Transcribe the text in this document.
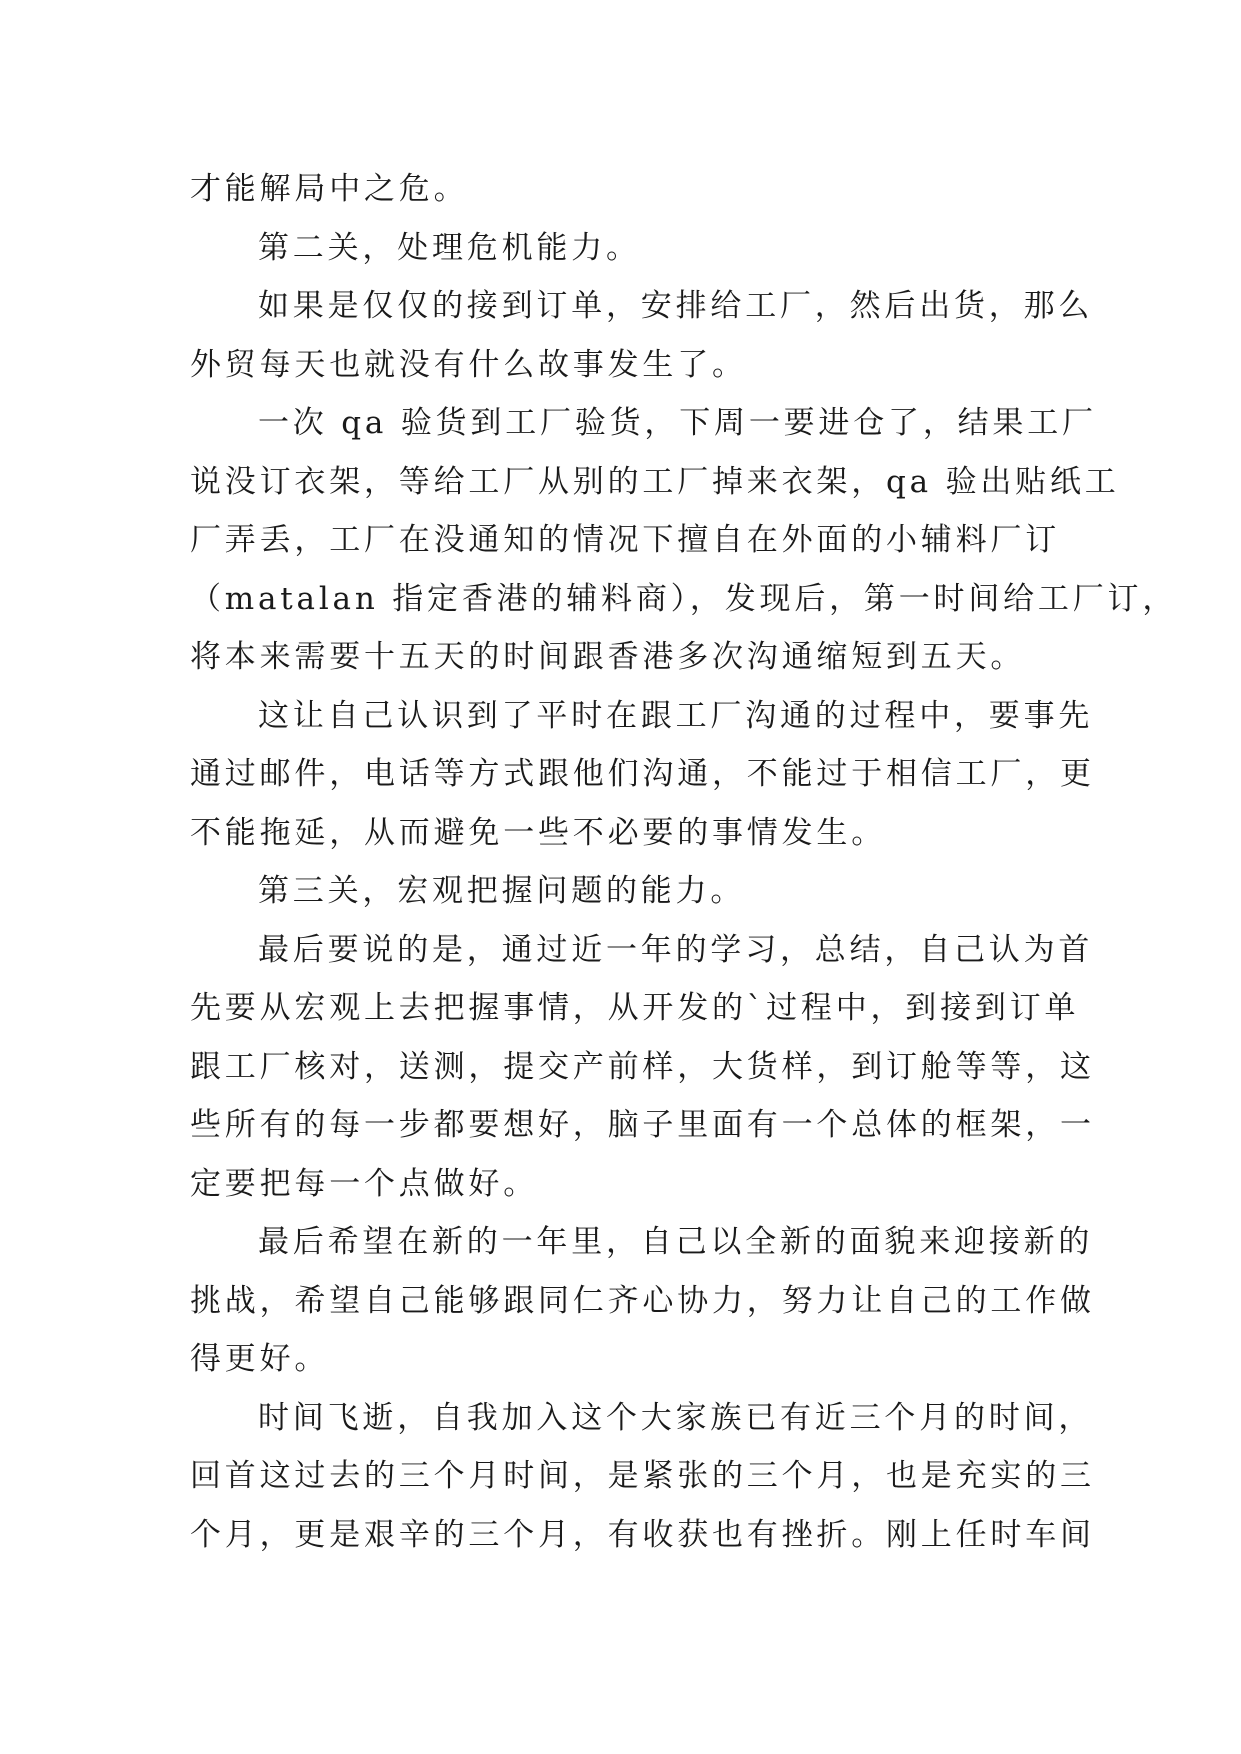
才能解局中之危。
第二关，处理危机能力。
如果是仅仅的接到订单，安排给工厂，然后出货，那么
外贸每天也就没有什么故事发生了。
一次 qa 验货到工厂验货，下周一要进仓了，结果工厂
说没订衣架，等给工厂从别的工厂掉来衣架，qa 验出贴纸工
厂弄丢，工厂在没通知的情况下擅自在外面的小辅料厂订
（matalan 指定香港的辅料商），发现后，第一时间给工厂订，
将本来需要十五天的时间跟香港多次沟通缩短到五天。
这让自己认识到了平时在跟工厂沟通的过程中，要事先
通过邮件，电话等方式跟他们沟通，不能过于相信工厂，更
不能拖延，从而避免一些不必要的事情发生。
第三关，宏观把握问题的能力。
最后要说的是，通过近一年的学习，总结，自己认为首
先要从宏观上去把握事情，从开发的`过程中，到接到订单
跟工厂核对，送测，提交产前样，大货样，到订舱等等，这
些所有的每一步都要想好，脑子里面有一个总体的框架，一
定要把每一个点做好。
最后希望在新的一年里，自己以全新的面貌来迎接新的
挑战，希望自己能够跟同仁齐心协力，努力让自己的工作做
得更好。
时间飞逝，自我加入这个大家族已有近三个月的时间，
回首这过去的三个月时间，是紧张的三个月，也是充实的三
个月，更是艰辛的三个月，有收获也有挫折。刚上任时车间
